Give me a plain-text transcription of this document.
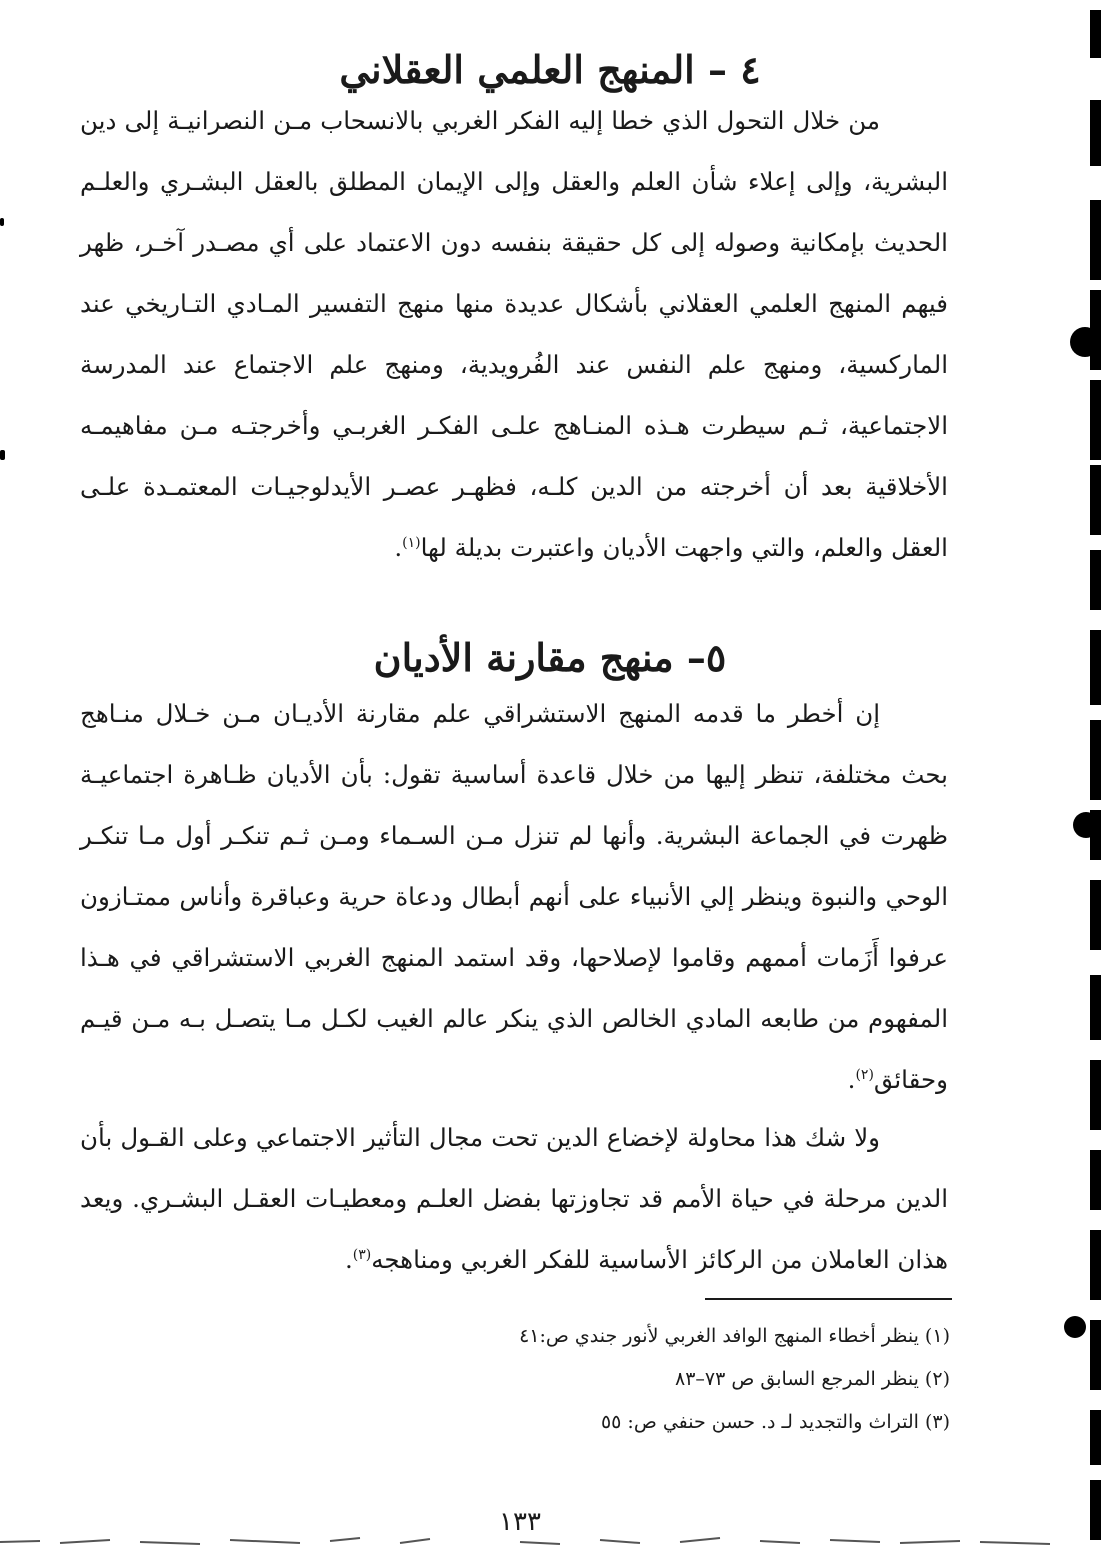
٤ – المنهج العلمي العقلاني

من خلال التحول الذي خطا إليه الفكر الغربي بالانسحاب مـن النصرانيـة إلى دين البشرية، وإلى إعلاء شأن العلم والعقل وإلى الإيمان المطلق بالعقل البشـري والعلـم الحديث بإمكانية وصوله إلى كل حقيقة بنفسه دون الاعتماد على أي مصـدر آخـر، ظهر فيهم المنهج العلمي العقلاني بأشكال عديدة منها منهج التفسير المـادي التـاريخي عند الماركسية، ومنهج علم النفس عند الفُرويدية، ومنهج علم الاجتماع عند المدرسة الاجتماعية، ثـم سيطرت هـذه المنـاهج علـى الفكـر الغربـي وأخرجتـه مـن مفاهيمـه الأخلاقية بعد أن أخرجته من الدين كلـه، فظهـر عصـر الأيدلوجيـات المعتمـدة علـى العقل والعلم، والتي واجهت الأديان واعتبرت بديلة لها$^{(١)}$.

٥– منهج مقارنة الأديان

إن أخطر ما قدمه المنهج الاستشراقي علم مقارنة الأديـان مـن خـلال منـاهج بحث مختلفة، تنظر إليها من خلال قاعدة أساسية تقول: بأن الأديان ظـاهرة اجتماعيـة ظهرت في الجماعة البشرية. وأنها لم تنزل مـن السـماء ومـن ثـم تنكـر أول مـا تنكـر الوحي والنبوة وينظر إلي الأنبياء على أنهم أبطال ودعاة حرية وعباقرة وأناس ممتـازون عرفوا أَزَمات أممهم وقاموا لإصلاحها، وقد استمد المنهج الغربي الاستشراقي في هـذا المفهوم من طابعه المادي الخالص الذي ينكر عالم الغيب لكـل مـا يتصـل بـه مـن قيـم وحقائق$^{(٢)}$.

ولا شك هذا محاولة لإخضاع الدين تحت مجال التأثير الاجتماعي وعلى القـول بأن الدين مرحلة في حياة الأمم قد تجاوزتها بفضل العلـم ومعطيـات العقـل البشـري. ويعد هذان العاملان من الركائز الأساسية للفكر الغربي ومناهجه$^{(٣)}$.

(١) ينظر أخطاء المنهج الوافد الغربي لأنور جندي ص:٤١
(٢) ينظر المرجع السابق ص ٧٣–٨٣
(٣) التراث والتجديد لـ د. حسن حنفي ص: ٥٥
١٣٣
